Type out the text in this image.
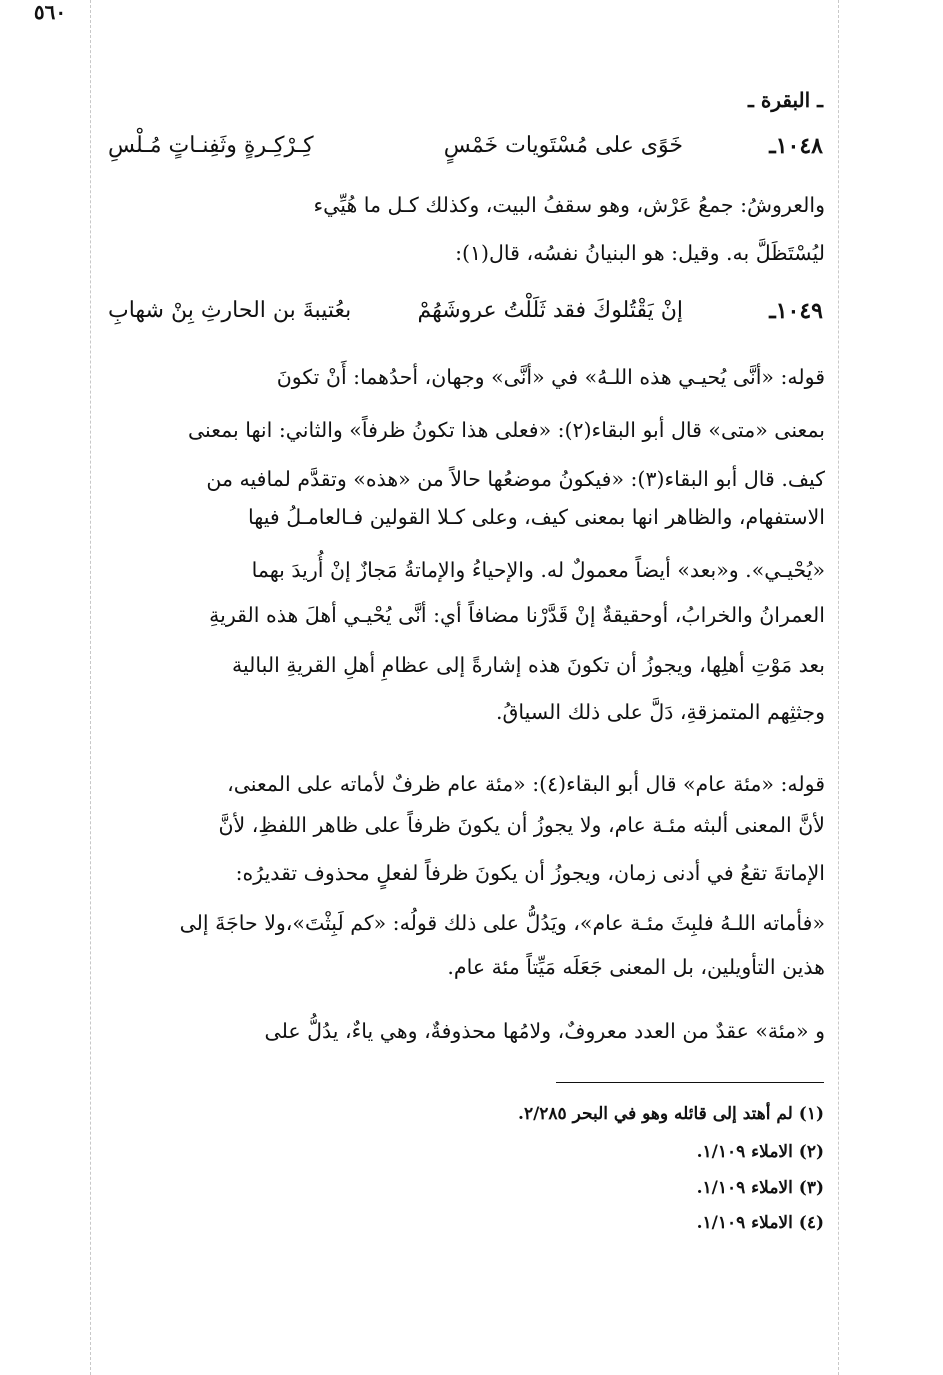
ـ البقرة ـ
١٠٤٨ـ
خَوًى على مُسْتَويات خَمْسٍ
كِـرْكِـرةٍ وثَفِنـاتٍ مُـلْسِ
والعروشُ: جمعُ عَرْش، وهو سقفُ البيت، وكذلك كـل ما هُيِّيء
ليُسْتَظَلَّ به. وقيل: هو البنيانُ نفسُه، قال(١):
١٠٤٩ـ
إنْ يَقْتُلوكَ فقد ثَلَلْتُ عروشَهُمْ
بعُتيبةَ بن الحارثِ بِنْ شهابِ
قوله: «أنَّى يُحيـي هذه اللـهُ» في «أنَّى» وجهان، أحدُهما: أَنْ تكونَ
بمعنى «متى» قال أبو البقاء(٢): «فعلى هذا تكونُ ظرفاً» والثاني: انها بمعنى
كيف. قال أبو البقاء(٣): «فيكونُ موضعُها حالاً من «هذه» وتقدَّم لمافيه من
الاستفهام، والظاهر انها بمعنى كيف، وعلى كـلا القولين فـالعامـلُ فيها
«يُحْيـي». و«بعد» أيضاً معمولٌ له. والإحياءُ والإماتةُ مَجازٌ إنْ أُريدَ بهما
العمرانُ والخرابُ، أوحقيقةٌ إنْ قَدَّرْنا مضافاً أي: أنَّى يُحْيـي أهلَ هذه القريةِ
بعد مَوْتِ أهلِها، ويجوزُ أن تكونَ هذه إشارةً إلى عظامِ أهلِ القريةِ البالية
وجثثِهم المتمزقةِ، دَلَّ على ذلك السياقُ.
قوله: «مئة عام» قال أبو البقاء(٤): «مئة عام ظرفٌ لأماته على المعنى،
لأنَّ المعنى ألبثه مئـة عام، ولا يجوزُ أن يكونَ ظرفاً على ظاهر اللفظِ، لأنَّ
الإماتةَ تقعُ في أدنى زمان، ويجوزُ أن يكونَ ظرفاً لفعلٍ محذوف تقديرُه:
«فأماته اللـهُ فلبِثَ مئـة عام»، ويَدُلُّ على ذلك قولُه: «كم لَبِثْتَ»،ولا حاجَةَ إلى
هذين التأويلين، بل المعنى جَعَلَه مَيِّتاً مئة عام.
و «مئة» عقدٌ من العدد معروفٌ، ولامُها محذوفةٌ، وهي ياءٌ، يدُلُّ على
(١) لم أهتد إلى قائله وهو في البحر ٢/٢٨٥.
(٢) الاملاء ١/١٠٩.
(٣) الاملاء ١/١٠٩.
(٤) الاملاء ١/١٠٩.
٥٦٠
